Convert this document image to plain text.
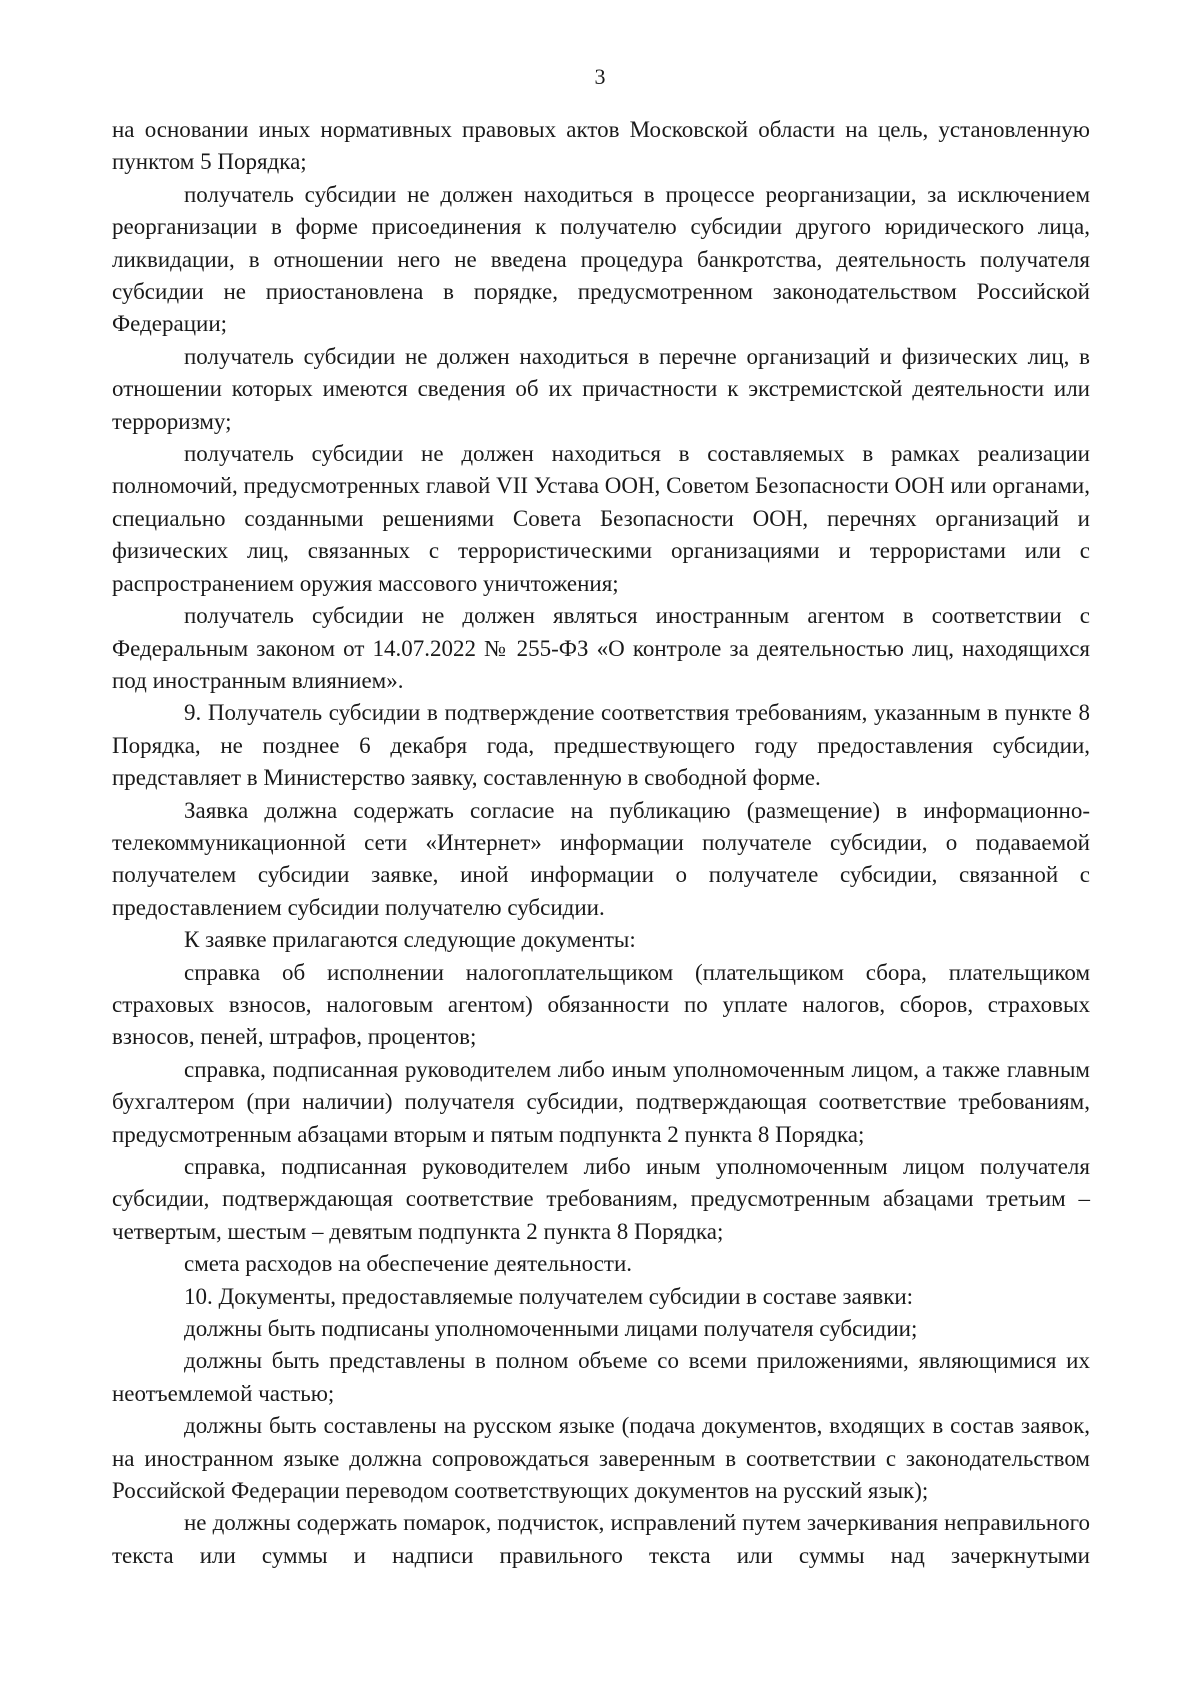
3

на основании иных нормативных правовых актов Московской области на цель, установленную пунктом 5 Порядка;

получатель субсидии не должен находиться в процессе реорганизации, за исключением реорганизации в форме присоединения к получателю субсидии другого юридического лица, ликвидации, в отношении него не введена процедура банкротства, деятельность получателя субсидии не приостановлена в порядке, предусмотренном законодательством Российской Федерации;

получатель субсидии не должен находиться в перечне организаций и физических лиц, в отношении которых имеются сведения об их причастности к экстремистской деятельности или терроризму;

получатель субсидии не должен находиться в составляемых в рамках реализации полномочий, предусмотренных главой VII Устава ООН, Советом Безопасности ООН или органами, специально созданными решениями Совета Безопасности ООН, перечнях организаций и физических лиц, связанных с террористическими организациями и террористами или с распространением оружия массового уничтожения;

получатель субсидии не должен являться иностранным агентом в соответствии с Федеральным законом от 14.07.2022 № 255-ФЗ «О контроле за деятельностью лиц, находящихся под иностранным влиянием».

9. Получатель субсидии в подтверждение соответствия требованиям, указанным в пункте 8 Порядка, не позднее 6 декабря года, предшествующего году предоставления субсидии, представляет в Министерство заявку, составленную в свободной форме.

Заявка должна содержать согласие на публикацию (размещение) в информационно-телекоммуникационной сети «Интернет» информации получателе субсидии, о подаваемой получателем субсидии заявке, иной информации о получателе субсидии, связанной с предоставлением субсидии получателю субсидии.

К заявке прилагаются следующие документы:

справка об исполнении налогоплательщиком (плательщиком сбора, плательщиком страховых взносов, налоговым агентом) обязанности по уплате налогов, сборов, страховых взносов, пеней, штрафов, процентов;

справка, подписанная руководителем либо иным уполномоченным лицом, а также главным бухгалтером (при наличии) получателя субсидии, подтверждающая соответствие требованиям, предусмотренным абзацами вторым и пятым подпункта 2 пункта 8 Порядка;

справка, подписанная руководителем либо иным уполномоченным лицом получателя субсидии, подтверждающая соответствие требованиям, предусмотренным абзацами третьим – четвертым, шестым – девятым подпункта 2 пункта 8 Порядка;

смета расходов на обеспечение деятельности.

10. Документы, предоставляемые получателем субсидии в составе заявки:

должны быть подписаны уполномоченными лицами получателя субсидии;

должны быть представлены в полном объеме со всеми приложениями, являющимися их неотъемлемой частью;

должны быть составлены на русском языке (подача документов, входящих в состав заявок, на иностранном языке должна сопровождаться заверенным в соответствии с законодательством Российской Федерации переводом соответствующих документов на русский язык);

не должны содержать помарок, подчисток, исправлений путем зачеркивания неправильного текста или суммы и надписи правильного текста или суммы над зачеркнутыми
